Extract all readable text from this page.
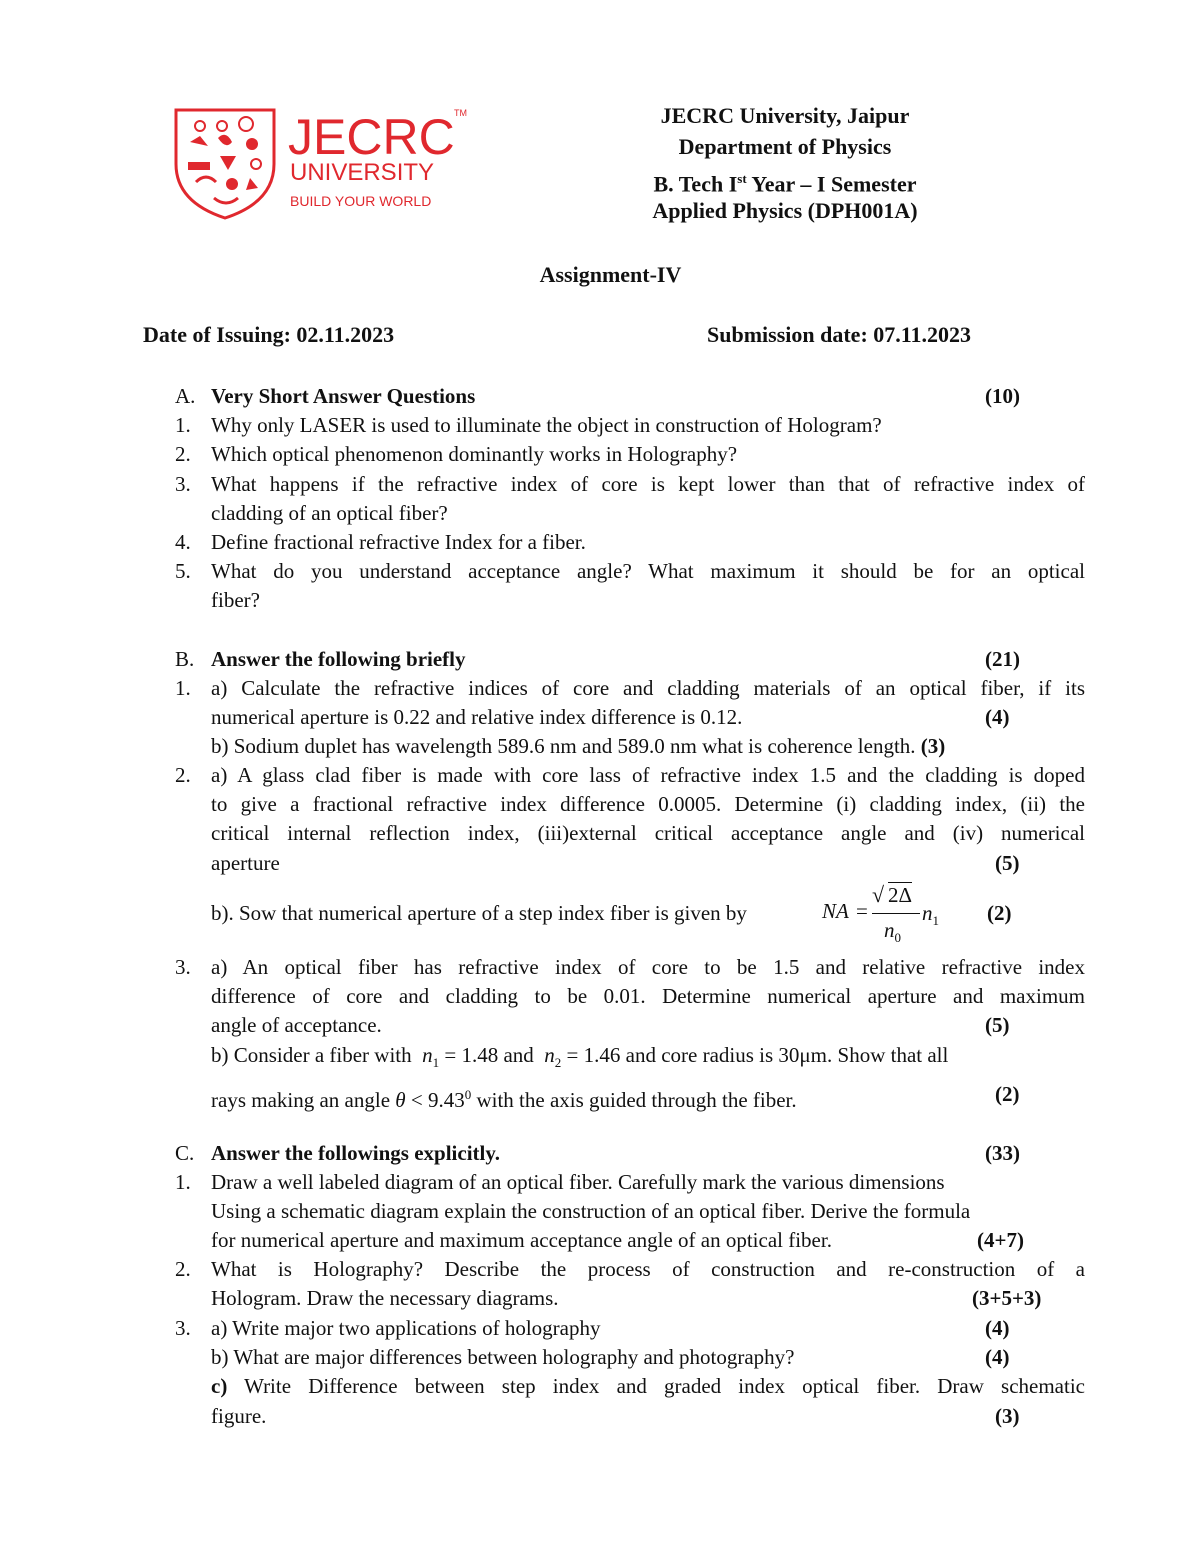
JECRC TM
UNIVERSITY
BUILD YOUR WORLD
JECRC University, Jaipur
Department of Physics
B. Tech Ist Year – I Semester
Applied Physics (DPH001A)
Assignment-IV
Date of Issuing: 02.11.2023	Submission date: 07.11.2023
A. Very Short Answer Questions	(10)
1. Why only LASER is used to illuminate the object in construction of Hologram?
2. Which optical phenomenon dominantly works in Holography?
3. What happens if the refractive index of core is kept lower than that of refractive index of
cladding of an optical fiber?
4. Define fractional refractive Index for a fiber.
5. What do you understand acceptance angle? What maximum it should be for an optical
fiber?
B. Answer the following briefly	(21)
1. a) Calculate the refractive indices of core and cladding materials of an optical fiber, if its
numerical aperture is 0.22 and relative index difference is 0.12.	(4)
b) Sodium duplet has wavelength 589.6 nm and 589.0 nm what is coherence length. (3)
2. a) A glass clad fiber is made with core lass of refractive index 1.5 and the cladding is doped
to give a fractional refractive index difference 0.0005. Determine (i) cladding index, (ii) the
critical internal reflection index, (iii)external critical acceptance angle and (iv) numerical
aperture	(5)
b). Sow that numerical aperture of a step index fiber is given by	(2)
NA =
√ 2Δ
$n_0$
$n_1$
3. a) An optical fiber has refractive index of core to be 1.5 and relative refractive index
difference of core and cladding to be 0.01. Determine numerical aperture and maximum
angle of acceptance.	(5)
b) Consider a fiber with $n_1 = 1.48$ and  $n_2 = 1.46$ and core radius is 30μm. Show that all
rays making an angle $\theta < 9.43^0$ with the axis guided through the fiber.	(2)
C. Answer the followings explicitly.	(33)
1. Draw a well labeled diagram of an optical fiber. Carefully mark the various dimensions
Using a schematic diagram explain the construction of an optical fiber. Derive the formula
for numerical aperture and maximum acceptance angle of an optical fiber.	(4+7)
2. What is Holography? Describe the process of construction and re-construction of a
Hologram. Draw the necessary diagrams.	(3+5+3)
3. a) Write major two applications of holography	(4)
b) What are major differences between holography and photography?	(4)
c) Write Difference between step index and graded index optical fiber. Draw schematic
figure.	(3)
